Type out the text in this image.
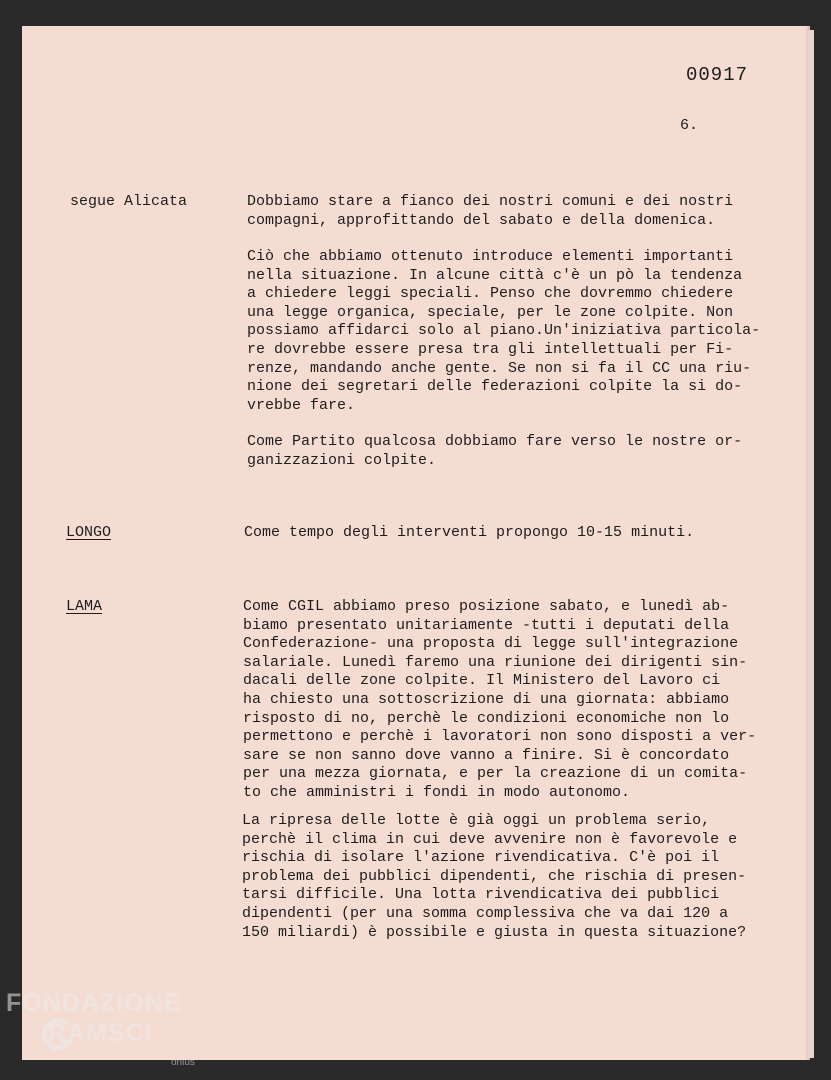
00917
6.
segue Alicata	Dobbiamo stare a fianco dei nostri comuni e dei nostri
compagni, approfittando del sabato e della domenica.
Ciò che abbiamo ottenuto introduce elementi importanti
nella situazione. In alcune città c'è un pò la tendenza
a chiedere leggi speciali. Penso che dovremmo chiedere
una legge organica, speciale, per le zone colpite. Non
possiamo affidarci solo al piano.Un'iniziativa particola-
re dovrebbe essere presa tra gli intellettuali per Fi-
renze, mandando anche gente. Se non si fa il CC una riu-
nione dei segretari delle federazioni colpite la si do-
vrebbe fare.
Come Partito qualcosa dobbiamo fare verso le nostre or-
ganizzazioni colpite.
LONGO	Come tempo degli interventi propongo 10-15 minuti.
LAMA	Come CGIL abbiamo preso posizione sabato, e lunedì ab-
biamo presentato unitariamente -tutti i deputati della
Confederazione- una proposta di legge sull'integrazione
salariale. Lunedì faremo una riunione dei dirigenti sin-
dacali delle zone colpite. Il Ministero del Lavoro ci
ha chiesto una sottoscrizione di una giornata: abbiamo
risposto di no, perchè le condizioni economiche non lo
permettono e perchè i lavoratori non sono disposti a ver-
sare se non sanno dove vanno a finire. Si è concordato
per una mezza giornata, e per la creazione di un comita-
to che amministri i fondi in modo autonomo.
La ripresa delle lotte è già oggi un problema serio,
perchè il clima in cui deve avvenire non è favorevole e
rischia di isolare l'azione rivendicativa. C'è poi il
problema dei pubblici dipendenti, che rischia di presen-
tarsi difficile. Una lotta rivendicativa dei pubblici
dipendenti (per una somma complessiva che va dai 120 a
150 miliardi) è possibile e giusta in questa situazione?
FONDAZIONE
RAMSCI
onlus
